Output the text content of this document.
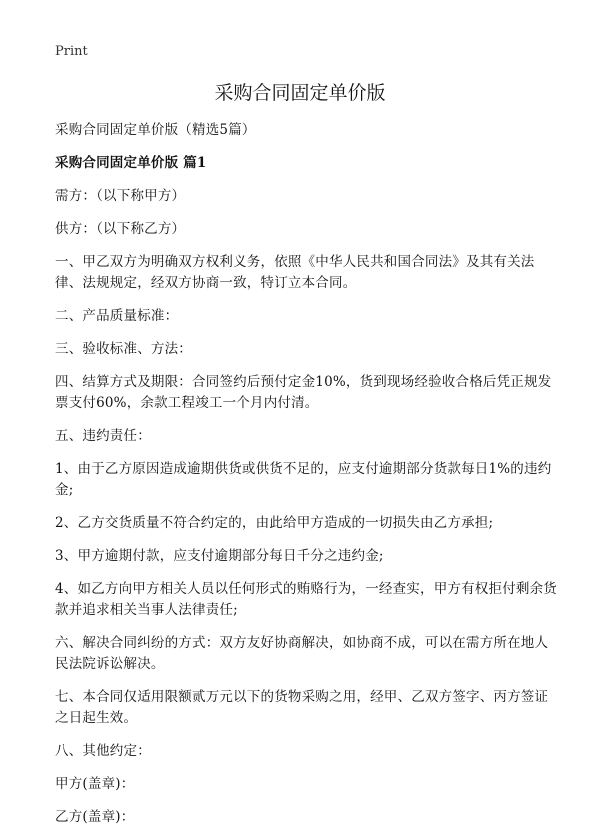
Print
采购合同固定单价版

采购合同固定单价版（精选5篇）

采购合同固定单价版 篇1

需方：（以下称甲方）

供方：（以下称乙方）

一、甲乙双方为明确双方权利义务，依照《中华人民共和国合同法》及其有关法律、法规规定，经双方协商一致，特订立本合同。

二、产品质量标准：

三、验收标准、方法：

四、结算方式及期限：合同签约后预付定金10%，货到现场经验收合格后凭正规发票支付60%，余款工程竣工一个月内付清。

五、违约责任：

1、由于乙方原因造成逾期供货或供货不足的，应支付逾期部分货款每日1%的违约金;

2、乙方交货质量不符合约定的，由此给甲方造成的一切损失由乙方承担;

3、甲方逾期付款，应支付逾期部分每日千分之违约金;

4、如乙方向甲方相关人员以任何形式的贿赂行为，一经查实，甲方有权拒付剩余货款并追求相关当事人法律责任;

六、解决合同纠纷的方式：双方友好协商解决，如协商不成，可以在需方所在地人民法院诉讼解决。

七、本合同仅适用限额贰万元以下的货物采购之用，经甲、乙双方签字、丙方签证之日起生效。

八、其他约定：

甲方(盖章)：

乙方(盖章)：
